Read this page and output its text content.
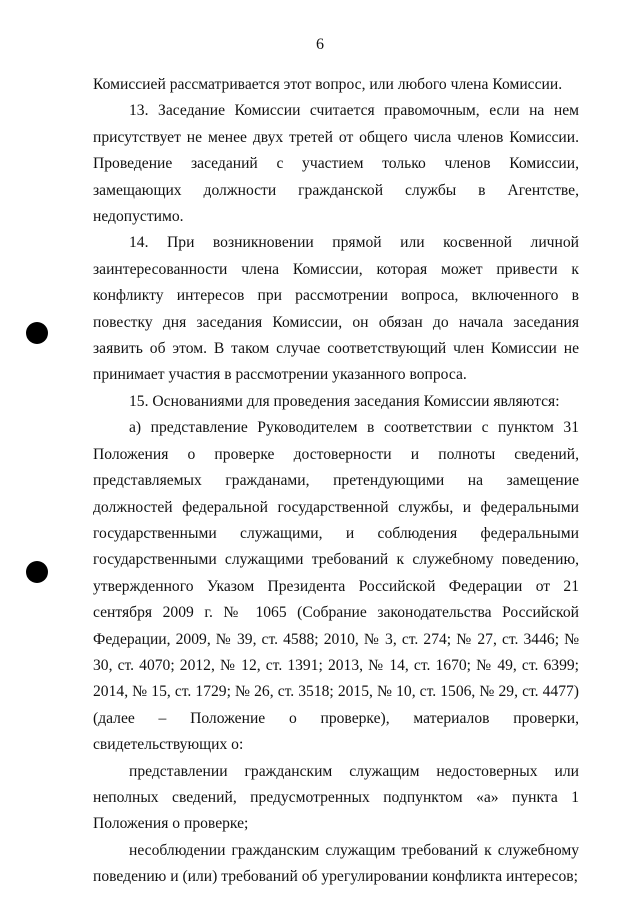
6

Комиссией рассматривается этот вопрос, или любого члена Комиссии.

13. Заседание Комиссии считается правомочным, если на нем присутствует не менее двух третей от общего числа членов Комиссии. Проведение заседаний с участием только членов Комиссии, замещающих должности гражданской службы в Агентстве, недопустимо.

14. При возникновении прямой или косвенной личной заинтересованности члена Комиссии, которая может привести к конфликту интересов при рассмотрении вопроса, включенного в повестку дня заседания Комиссии, он обязан до начала заседания заявить об этом. В таком случае соответствующий член Комиссии не принимает участия в рассмотрении указанного вопроса.

15. Основаниями для проведения заседания Комиссии являются:

а) представление Руководителем в соответствии с пунктом 31 Положения о проверке достоверности и полноты сведений, представляемых гражданами, претендующими на замещение должностей федеральной государственной службы, и федеральными государственными служащими, и соблюдения федеральными государственными служащими требований к служебному поведению, утвержденного Указом Президента Российской Федерации от 21 сентября 2009 г. № 1065 (Собрание законодательства Российской Федерации, 2009, № 39, ст. 4588; 2010, № 3, ст. 274; № 27, ст. 3446; № 30, ст. 4070; 2012, № 12, ст. 1391; 2013, № 14, ст. 1670; № 49, ст. 6399; 2014, № 15, ст. 1729; № 26, ст. 3518; 2015, № 10, ст. 1506, № 29, ст. 4477) (далее – Положение о проверке), материалов проверки, свидетельствующих о:

представлении гражданским служащим недостоверных или неполных сведений, предусмотренных подпунктом «а» пункта 1 Положения о проверке;

несоблюдении гражданским служащим требований к служебному поведению и (или) требований об урегулировании конфликта интересов;
